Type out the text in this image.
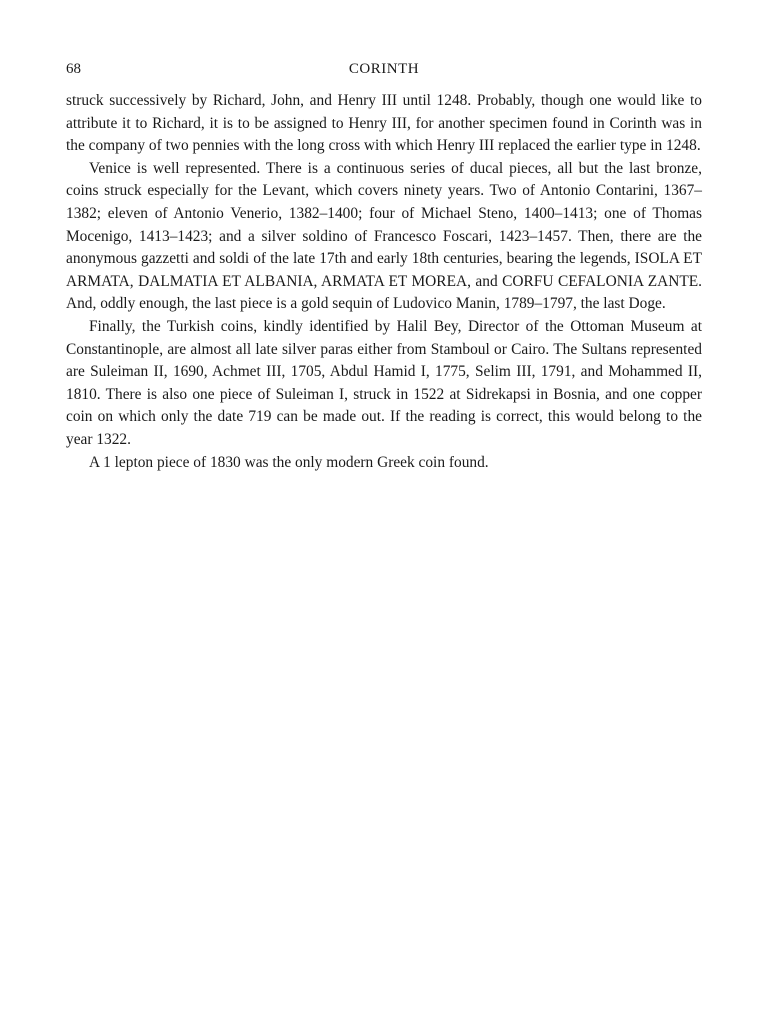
68	CORINTH

struck successively by Richard, John, and Henry III until 1248. Probably, though one would like to attribute it to Richard, it is to be assigned to Henry III, for another specimen found in Corinth was in the company of two pennies with the long cross with which Henry III replaced the earlier type in 1248.

Venice is well represented. There is a continuous series of ducal pieces, all but the last bronze, coins struck especially for the Levant, which covers ninety years. Two of Antonio Contarini, 1367–1382; eleven of Antonio Venerio, 1382–1400; four of Michael Steno, 1400–1413; one of Thomas Mocenigo, 1413–1423; and a silver soldino of Francesco Foscari, 1423–1457. Then, there are the anonymous gazzetti and soldi of the late 17th and early 18th centuries, bearing the legends, ISOLA ET ARMATA, DALMATIA ET ALBANIA, ARMATA ET MOREA, and CORFU CEFALONIA ZANTE. And, oddly enough, the last piece is a gold sequin of Ludovico Manin, 1789–1797, the last Doge.

Finally, the Turkish coins, kindly identified by Halil Bey, Director of the Ottoman Museum at Constantinople, are almost all late silver paras either from Stamboul or Cairo. The Sultans represented are Suleiman II, 1690, Achmet III, 1705, Abdul Hamid I, 1775, Selim III, 1791, and Mohammed II, 1810. There is also one piece of Suleiman I, struck in 1522 at Sidrekapsi in Bosnia, and one copper coin on which only the date 719 can be made out. If the reading is correct, this would belong to the year 1322.

A 1 lepton piece of 1830 was the only modern Greek coin found.
